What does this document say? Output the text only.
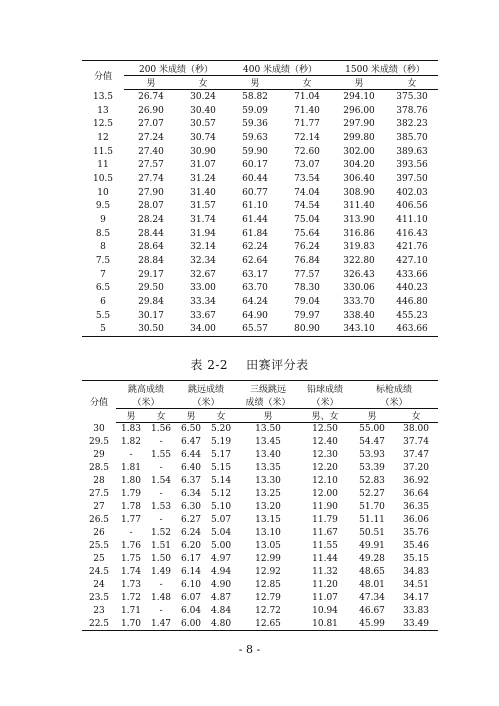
分值	200 米成绩（秒）		400 米成绩（秒）		1500 米成绩（秒）	
	男	女	男	女	男	女
13.5	26.74	30.24	58.82	71.04	294.10	375.30
13	26.90	30.40	59.09	71.40	296.00	378.76
12.5	27.07	30.57	59.36	71.77	297.90	382.23
12	27.24	30.74	59.63	72.14	299.80	385.70
11.5	27.40	30.90	59.90	72.60	302.00	389.63
11	27.57	31.07	60.17	73.07	304.20	393.56
10.5	27.74	31.24	60.44	73.54	306.40	397.50
10	27.90	31.40	60.77	74.04	308.90	402.03
9.5	28.07	31.57	61.10	74.54	311.40	406.56
9	28.24	31.74	61.44	75.04	313.90	411.10
8.5	28.44	31.94	61.84	75.64	316.86	416.43
8	28.64	32.14	62.24	76.24	319.83	421.76
7.5	28.84	32.34	62.64	76.84	322.80	427.10
7	29.17	32.67	63.17	77.57	326.43	433.66
6.5	29.50	33.00	63.70	78.30	330.06	440.23
6	29.84	33.34	64.24	79.04	333.70	446.80
5.5	30.17	33.67	64.90	79.97	338.40	455.23
5	30.50	34.00	65.57	80.90	343.10	463.66
表 2-2 田赛评分表
分值	跳高成绩		跳远成绩		三级跳远	铅球成绩	标枪成绩	
	（米）		（米）		成绩（米）	（米）	（米）	
	男	女	男	女	男	男、女	男	女
30	1.83	1.56	6.50	5.20	13.50	12.50	55.00	38.00
29.5	1.82	-	6.47	5.19	13.45	12.40	54.47	37.74
29	-	1.55	6.44	5.17	13.40	12.30	53.93	37.47
28.5	1.81	-	6.40	5.15	13.35	12.20	53.39	37.20
28	1.80	1.54	6.37	5.14	13.30	12.10	52.83	36.92
27.5	1.79	-	6.34	5.12	13.25	12.00	52.27	36.64
27	1.78	1.53	6.30	5.10	13.20	11.90	51.70	36.35
26.5	1.77	-	6.27	5.07	13.15	11.79	51.11	36.06
26	-	1.52	6.24	5.04	13.10	11.67	50.51	35.76
25.5	1.76	1.51	6.20	5.00	13.05	11.55	49.91	35.46
25	1.75	1.50	6.17	4.97	12.99	11.44	49.28	35.15
24.5	1.74	1.49	6.14	4.94	12.92	11.32	48.65	34.83
24	1.73	-	6.10	4.90	12.85	11.20	48.01	34.51
23.5	1.72	1.48	6.07	4.87	12.79	11.07	47.34	34.17
23	1.71	-	6.04	4.84	12.72	10.94	46.67	33.83
22.5	1.70	1.47	6.00	4.80	12.65	10.81	45.99	33.49
- 8 -
